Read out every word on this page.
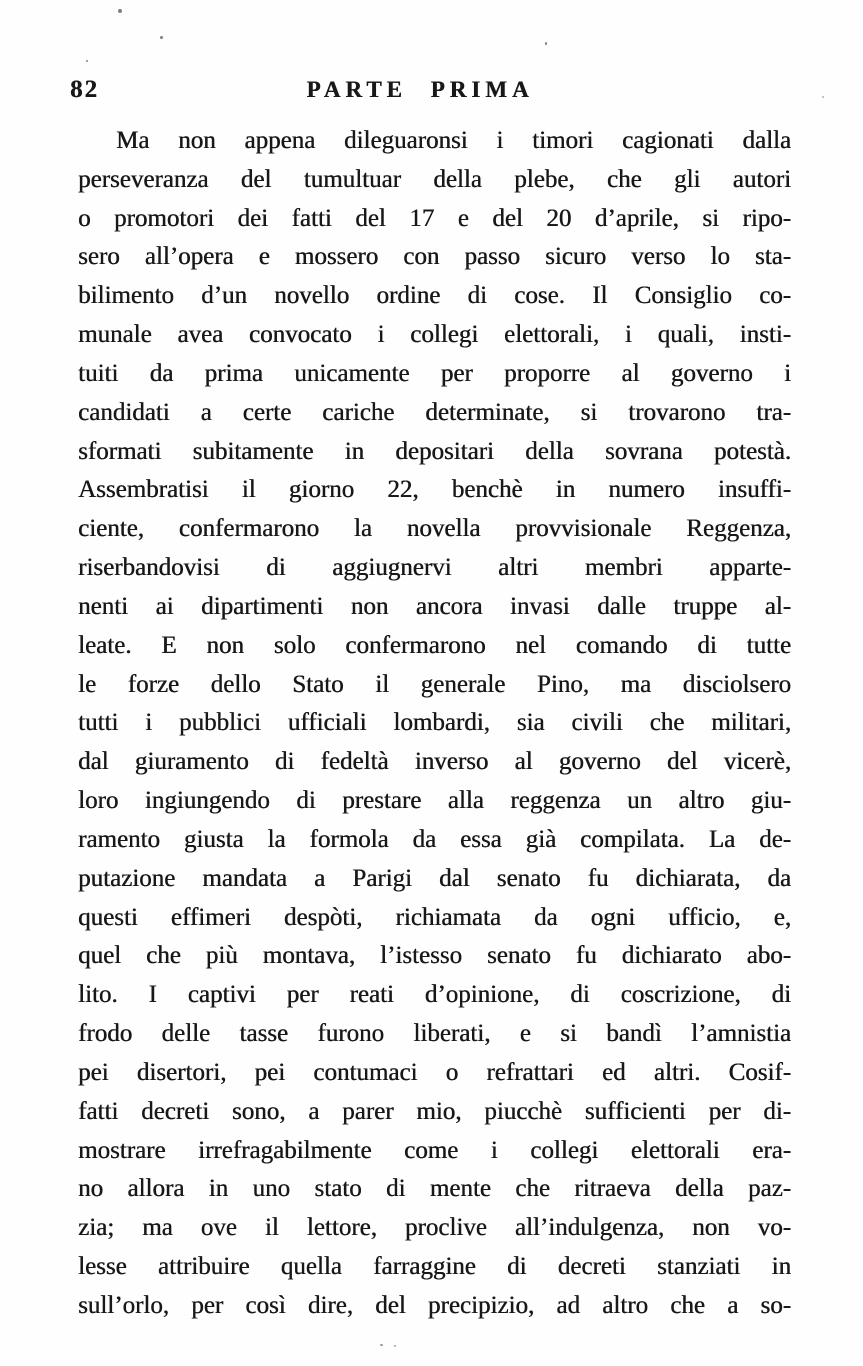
82	PARTE PRIMA
Ma non appena dileguaronsi i timori cagionati dalla
perseveranza del tumultuar della plebe, che gli autori
o promotori dei fatti del 17 e del 20 d’aprile, si ripo-
sero all’opera e mossero con passo sicuro verso lo sta-
bilimento d’un novello ordine di cose. Il Consiglio co-
munale avea convocato i collegi elettorali, i quali, insti-
tuiti da prima unicamente per proporre al governo i
candidati a certe cariche determinate, si trovarono tra-
sformati subitamente in depositari della sovrana potestà.
Assembratisi il giorno 22, benchè in numero insuffi-
ciente, confermarono la novella provvisionale Reggenza,
riserbandovisi di aggiugnervi altri membri apparte-
nenti ai dipartimenti non ancora invasi dalle truppe al-
leate. E non solo confermarono nel comando di tutte
le forze dello Stato il generale Pino, ma disciolsero
tutti i pubblici ufficiali lombardi, sia civili che militari,
dal giuramento di fedeltà inverso al governo del vicerè,
loro ingiungendo di prestare alla reggenza un altro giu-
ramento giusta la formola da essa già compilata. La de-
putazione mandata a Parigi dal senato fu dichiarata, da
questi effimeri despòti, richiamata da ogni ufficio, e,
quel che più montava, l’istesso senato fu dichiarato abo-
lito. I captivi per reati d’opinione, di coscrizione, di
frodo delle tasse furono liberati, e si bandì l’amnistia
pei disertori, pei contumaci o refrattari ed altri. Cosif-
fatti decreti sono, a parer mio, piucchè sufficienti per di-
mostrare irrefragabilmente come i collegi elettorali era-
no allora in uno stato di mente che ritraeva della paz-
zia; ma ove il lettore, proclive all’indulgenza, non vo-
lesse attribuire quella farraggine di decreti stanziati in
sull’orlo, per così dire, del precipizio, ad altro che a so-
